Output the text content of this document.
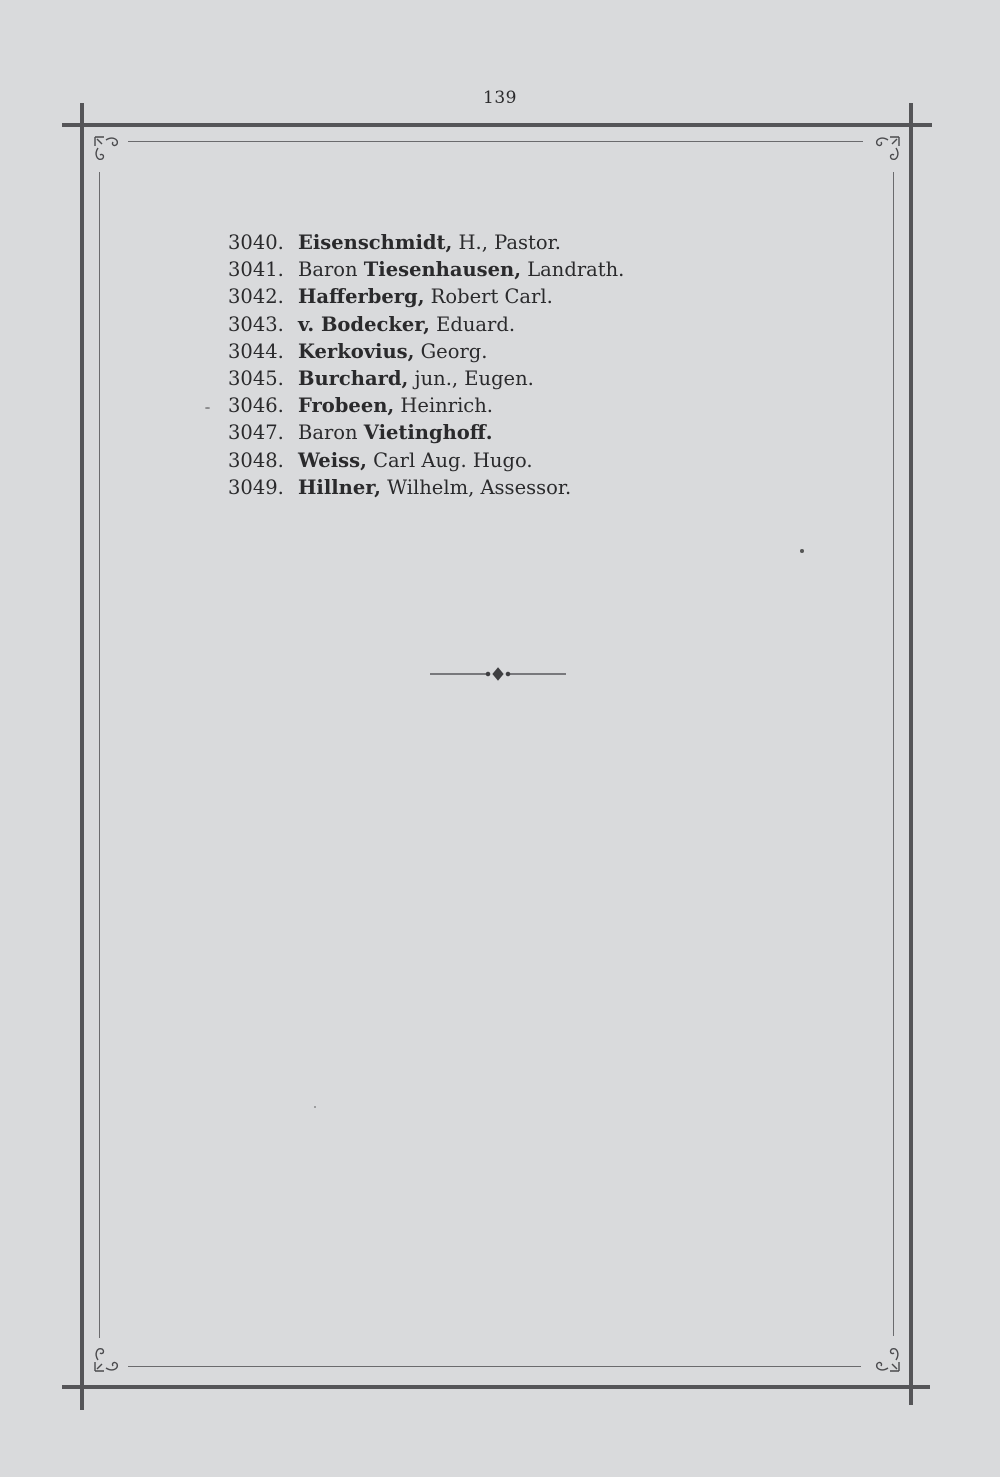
139
3040. Eisenschmidt, H., Pastor.
3041. Baron Tiesenhausen, Landrath.
3042. Hafferberg, Robert Carl.
3043. v. Bodecker, Eduard.
3044. Kerkovius, Georg.
3045. Burchard, jun., Eugen.
3046. Frobeen, Heinrich.
3047. Baron Vietinghoff.
3048. Weiss, Carl Aug. Hugo.
3049. Hillner, Wilhelm, Assessor.
